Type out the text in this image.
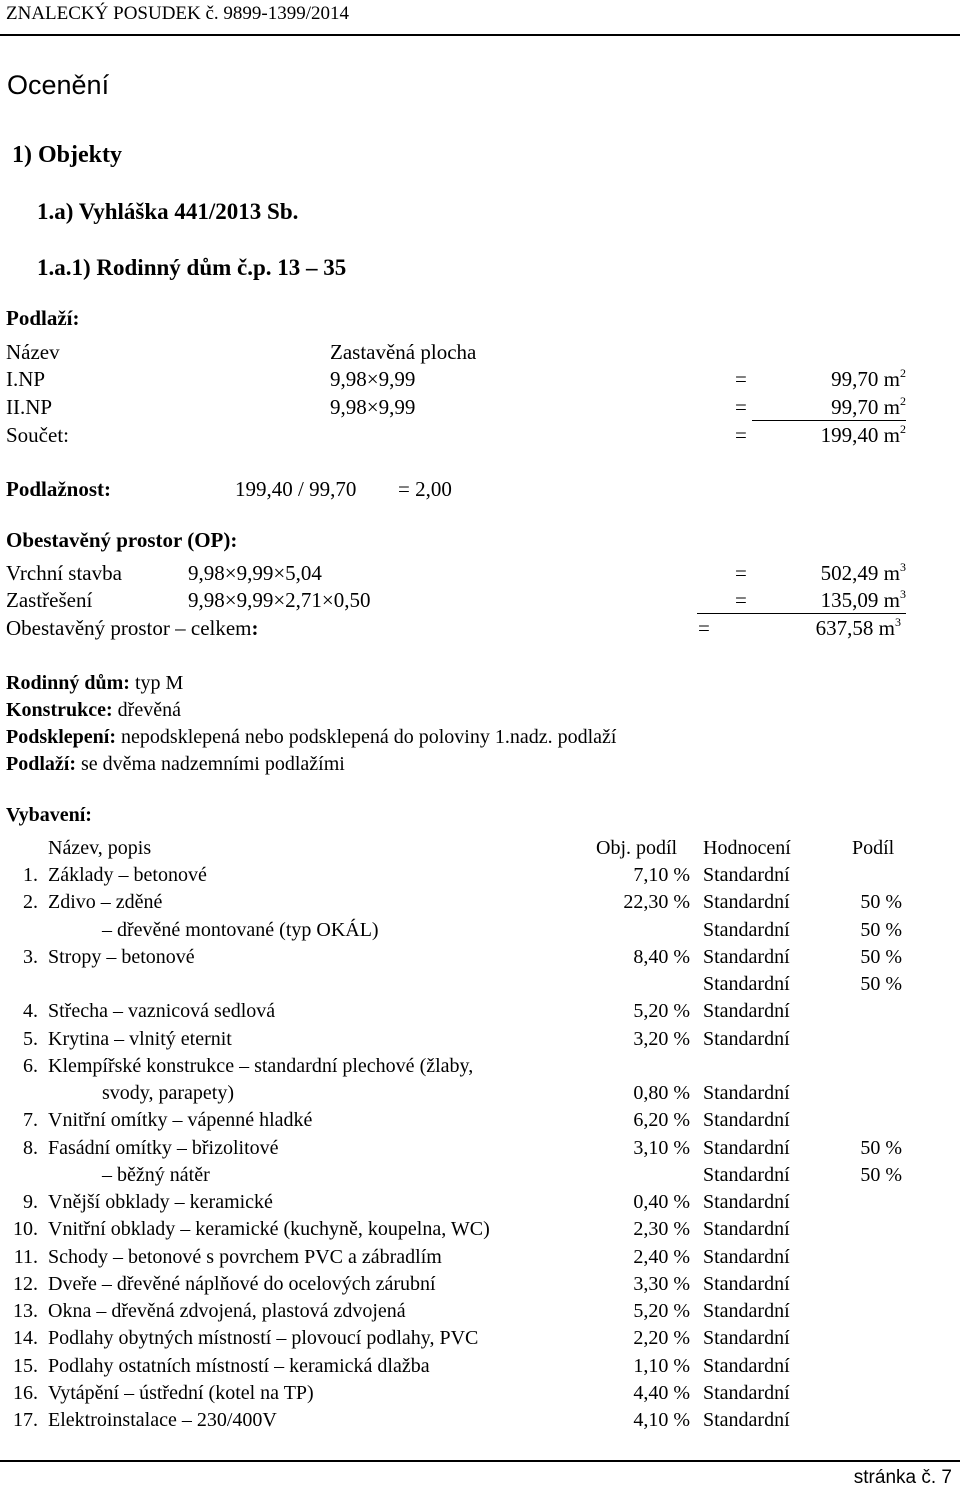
ZNALECKÝ POSUDEK č. 9899-1399/2014
Ocenění
1) Objekty
1.a) Vyhláška 441/2013 Sb.
1.a.1) Rodinný dům č.p. 13 – 35
Podlaží:
Název	Zastavěná plocha
I.NP	9,98×9,99	=	99,70 $m^2$
II.NP	9,98×9,99	=	99,70 $m^2$
Součet:	=	199,40 $m^2$
Podlažnost:	199,40 / 99,70 = 2,00
Obestavěný prostor (OP):
Vrchní stavba	9,98×9,99×5,04	=	502,49 $m^3$
Zastřešení	9,98×9,99×2,71×0,50	=	135,09 $m^3$
Obestavěný prostor – celkem:	=	637,58 $m^3$
Rodinný dům: typ M
Konstrukce: dřevěná
Podsklepení: nepodsklepená nebo podsklepená do poloviny 1.nadz. podlaží
Podlaží: se dvěma nadzemními podlažími
Vybavení:
Název, popis	Obj. podíl Hodnocení	Podíl
1. Základy – betonové	7,10 % Standardní
2. Zdivo – zděné	22,30 % Standardní	50 %
– dřevěné montované (typ OKÁL)	Standardní	50 %
3. Stropy – betonové	8,40 % Standardní	50 %
Standardní	50 %
4. Střecha – vaznicová sedlová	5,20 % Standardní
5. Krytina – vlnitý eternit	3,20 % Standardní
6. Klempířské konstrukce – standardní plechové (žlaby,
svody, parapety)	0,80 % Standardní
7. Vnitřní omítky – vápenné hladké	6,20 % Standardní
8. Fasádní omítky – břizolitové	3,10 % Standardní	50 %
– běžný nátěr	Standardní	50 %
9. Vnější obklady – keramické	0,40 % Standardní
10. Vnitřní obklady – keramické (kuchyně, koupelna, WC)	2,30 % Standardní
11. Schody – betonové s povrchem PVC a zábradlím	2,40 % Standardní
12. Dveře – dřevěné náplňové do ocelových zárubní	3,30 % Standardní
13. Okna – dřevěná zdvojená, plastová zdvojená	5,20 % Standardní
14. Podlahy obytných místností – plovoucí podlahy, PVC	2,20 % Standardní
15. Podlahy ostatních místností – keramická dlažba	1,10 % Standardní
16. Vytápění – ústřední (kotel na TP)	4,40 % Standardní
17. Elektroinstalace – 230/400V	4,10 % Standardní
stránka č. 7
